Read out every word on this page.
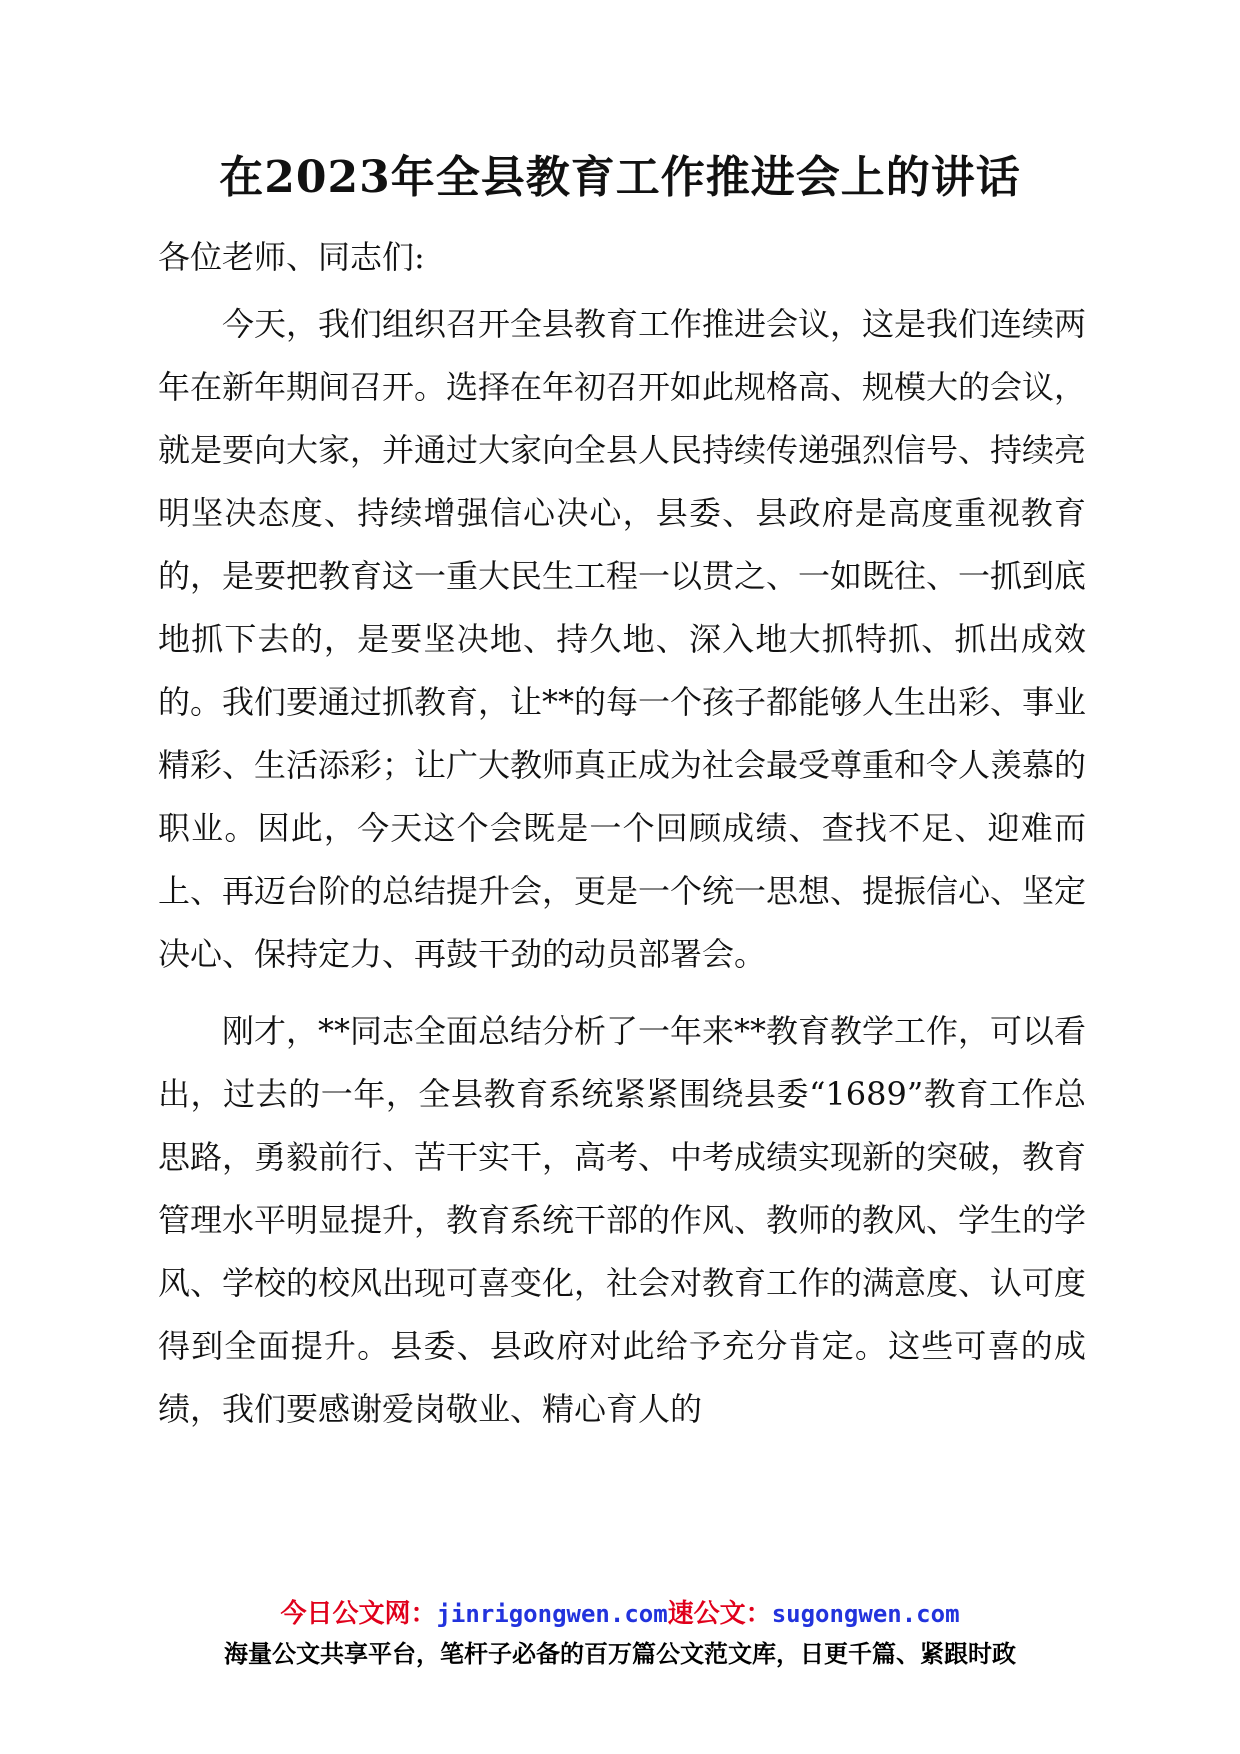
在2023年全县教育工作推进会上的讲话

各位老师、同志们:

今天，我们组织召开全县教育工作推进会议，这是我们连续两年在新年期间召开。选择在年初召开如此规格高、规模大的会议，就是要向大家，并通过大家向全县人民持续传递强烈信号、持续亮明坚决态度、持续增强信心决心，县委、县政府是高度重视教育的，是要把教育这一重大民生工程一以贯之、一如既往、一抓到底地抓下去的，是要坚决地、持久地、深入地大抓特抓、抓出成效的。我们要通过抓教育，让**的每一个孩子都能够人生出彩、事业精彩、生活添彩；让广大教师真正成为社会最受尊重和令人羡慕的职业。因此，今天这个会既是一个回顾成绩、查找不足、迎难而上、再迈台阶的总结提升会，更是一个统一思想、提振信心、坚定决心、保持定力、再鼓干劲的动员部署会。

刚才，**同志全面总结分析了一年来**教育教学工作，可以看出，过去的一年，全县教育系统紧紧围绕县委“1689”教育工作总思路，勇毅前行、苦干实干，高考、中考成绩实现新的突破，教育管理水平明显提升，教育系统干部的作风、教师的教风、学生的学风、学校的校风出现可喜变化，社会对教育工作的满意度、认可度得到全面提升。县委、县政府对此给予充分肯定。这些可喜的成绩，我们要感谢爱岗敬业、精心育人的

今日公文网：jinrigongwen.com速公文：sugongwen.com
海量公文共享平台，笔杆子必备的百万篇公文范文库，日更千篇、紧跟时政
